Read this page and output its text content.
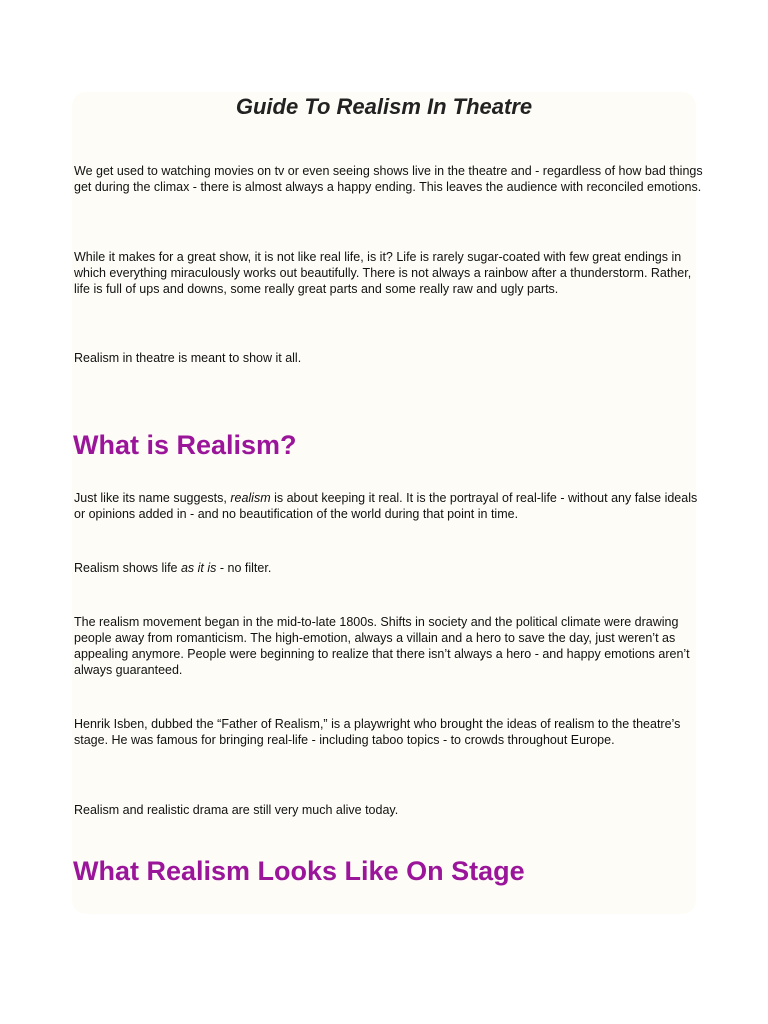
Guide To Realism In Theatre

We get used to watching movies on tv or even seeing shows live in the theatre and - regardless of how bad things get during the climax - there is almost always a happy ending. This leaves the audience with reconciled emotions.

While it makes for a great show, it is not like real life, is it? Life is rarely sugar-coated with few great endings in which everything miraculously works out beautifully. There is not always a rainbow after a thunderstorm. Rather, life is full of ups and downs, some really great parts and some really raw and ugly parts.

Realism in theatre is meant to show it all.

What is Realism?

Just like its name suggests, realism is about keeping it real. It is the portrayal of real-life - without any false ideals or opinions added in - and no beautification of the world during that point in time.

Realism shows life as it is - no filter.

The realism movement began in the mid-to-late 1800s. Shifts in society and the political climate were drawing people away from romanticism. The high-emotion, always a villain and a hero to save the day, just weren’t as appealing anymore. People were beginning to realize that there isn’t always a hero - and happy emotions aren’t always guaranteed.

Henrik Isben, dubbed the “Father of Realism,” is a playwright who brought the ideas of realism to the theatre’s stage. He was famous for bringing real-life - including taboo topics - to crowds throughout Europe.

Realism and realistic drama are still very much alive today.

What Realism Looks Like On Stage
